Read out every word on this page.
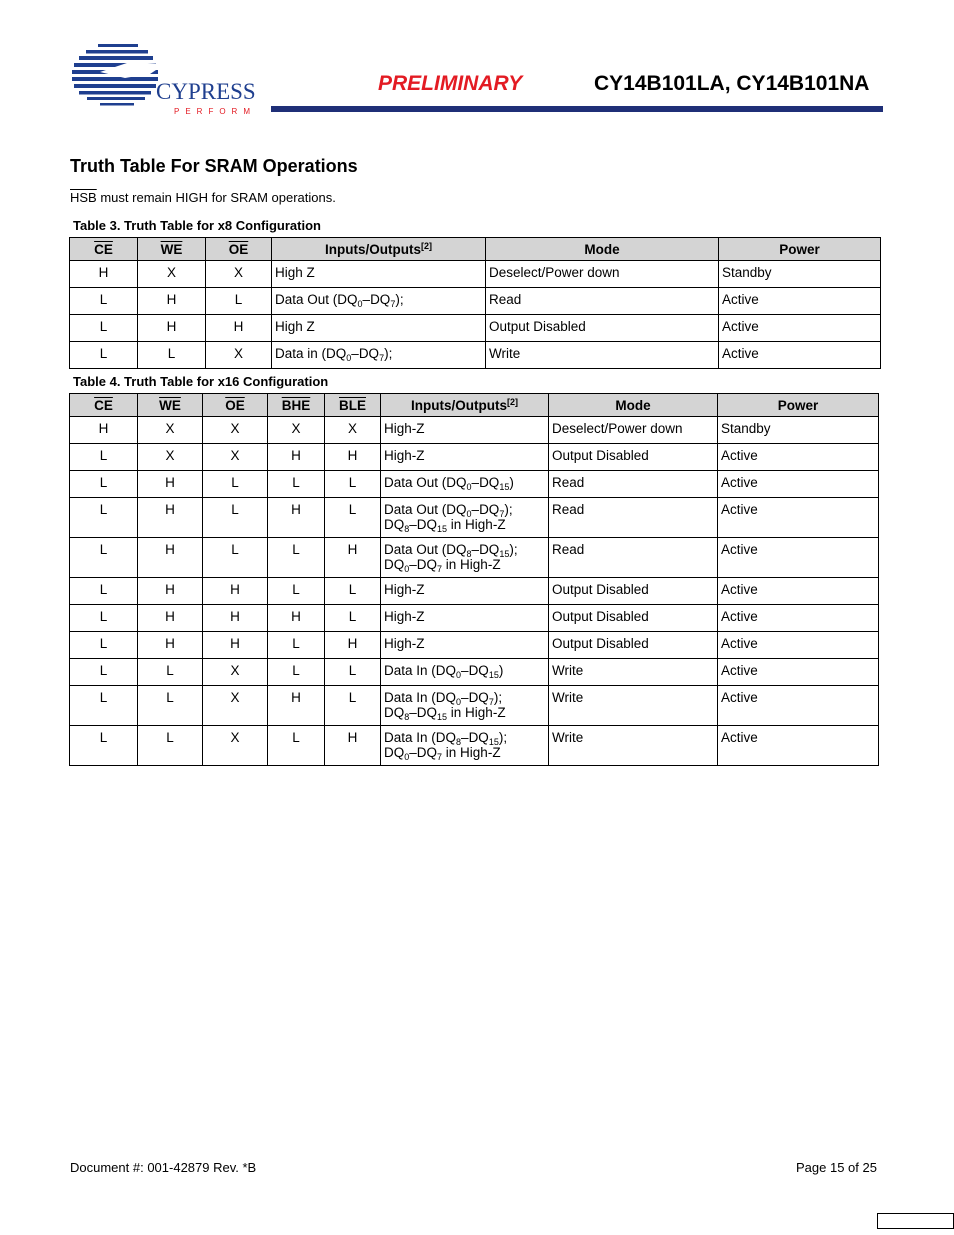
CYPRESS
PERFORM
PRELIMINARY	CY14B101LA, CY14B101NA
Truth Table For SRAM Operations
$\overline{HSB}$ must remain HIGH for SRAM operations.
Table 3. Truth Table for x8 Configuration
$\overline{CE}$	$\overline{WE}$	$\overline{OE}$	Inputs/Outputs[2]	Mode	Power
H	X	X	High Z	Deselect/Power down	Standby
L	H	L	Data Out $(DQ_0-DQ_7)$;	Read	Active
L	H	H	High Z	Output Disabled	Active
L	L	X	Data in $(DQ_0-DQ_7)$;	Write	Active
Table 4. Truth Table for x16 Configuration
$\overline{CE}$	$\overline{WE}$	$\overline{OE}$	$\overline{BHE}$	$\overline{BLE}$	Inputs/Outputs[2]	Mode	Power
H	X	X	X	X	High-Z	Deselect/Power down	Standby
L	X	X	H	H	High-Z	Output Disabled	Active
L	H	L	L	L	Data Out $(DQ_0-DQ_{15})$	Read	Active
L	H	L	H	L	Data Out $(DQ_0-DQ_7)$;
$DQ_8-DQ_{15}$ in High-Z	Read	Active
L	H	L	L	H	Data Out $(DQ_8-DQ_{15})$;
$DQ_0-DQ_7$ in High-Z	Read	Active
L	H	H	L	L	High-Z	Output Disabled	Active
L	H	H	H	L	High-Z	Output Disabled	Active
L	H	H	L	H	High-Z	Output Disabled	Active
L	L	X	L	L	Data In $(DQ_0-DQ_{15})$	Write	Active
L	L	X	H	L	Data In $(DQ_0-DQ_7)$;
$DQ_8-DQ_{15}$ in High-Z	Write	Active
L	L	X	L	H	Data In $(DQ_8-DQ_{15})$;
$DQ_0-DQ_7$ in High-Z	Write	Active
Document #: 001-42879 Rev. *B	Page 15 of 25
